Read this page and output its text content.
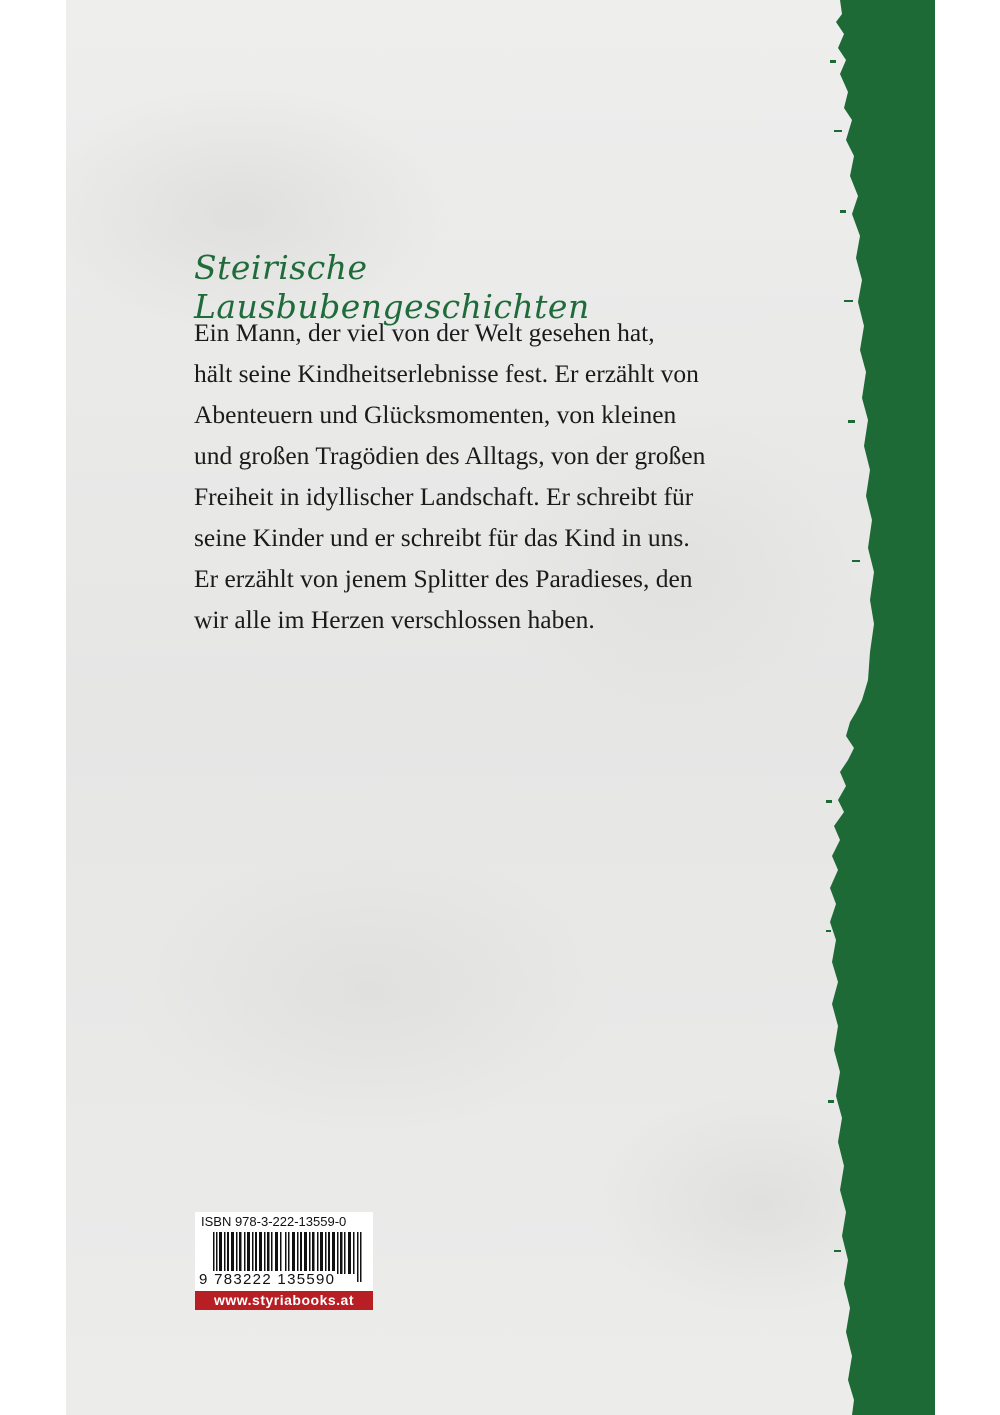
Steirische Lausbubengeschichten

Ein Mann, der viel von der Welt gesehen hat,
hält seine Kindheitserlebnisse fest. Er erzählt von
Abenteuern und Glücksmomenten, von kleinen
und großen Tragödien des Alltags, von der großen
Freiheit in idyllischer Landschaft. Er schreibt für
seine Kinder und er schreibt für das Kind in uns.
Er erzählt von jenem Splitter des Paradieses, den
wir alle im Herzen verschlossen haben.

ISBN 978-3-222-13559-0
9 783222 135590
www.styriabooks.at
